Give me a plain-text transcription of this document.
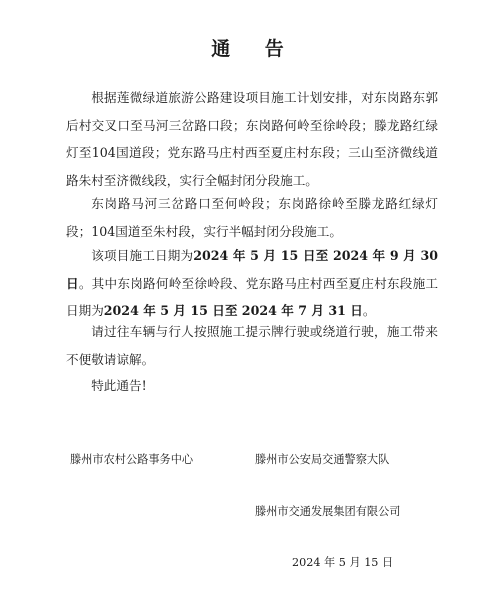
通 告

根据莲微绿道旅游公路建设项目施工计划安排，对东岗路东郭后村交叉口至马河三岔路口段；东岗路何岭至徐岭段；滕龙路红绿灯至104国道段；党东路马庄村西至夏庄村东段；三山至济微线道路朱村至济微线段，实行全幅封闭分段施工。

东岗路马河三岔路口至何岭段；东岗路徐岭至滕龙路红绿灯段；104国道至朱村段，实行半幅封闭分段施工。

该项目施工日期为2024 年 5 月 15 日至 2024 年 9 月 30 日。其中东岗路何岭至徐岭段、党东路马庄村西至夏庄村东段施工日期为2024 年 5 月 15 日至 2024 年 7 月 31 日。

请过往车辆与行人按照施工提示牌行驶或绕道行驶，施工带来不便敬请谅解。

特此通告!

滕州市农村公路事务中心	滕州市公安局交通警察大队
滕州市交通发展集团有限公司
2024 年 5 月 15 日
